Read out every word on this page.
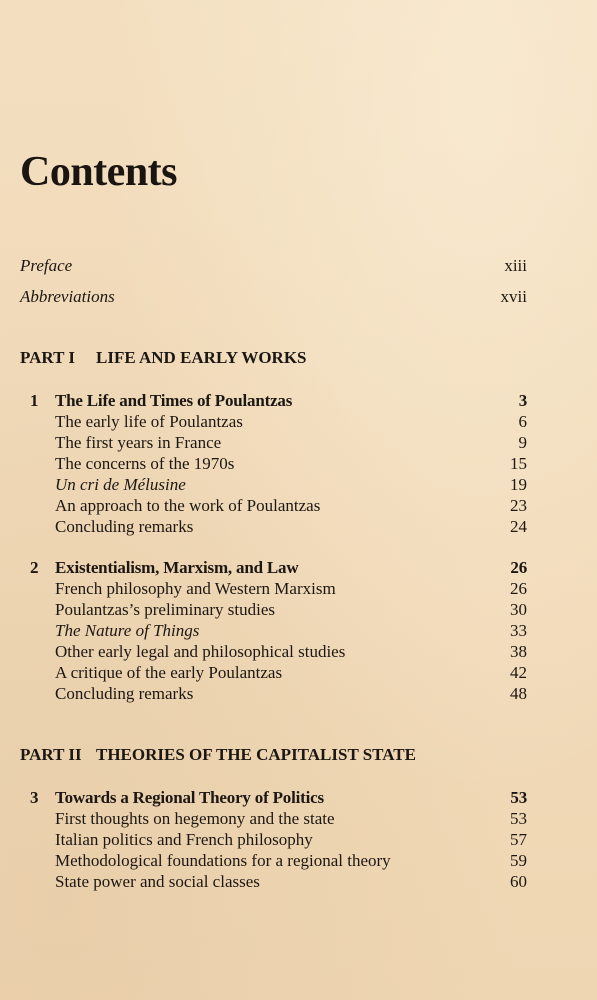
Contents
Preface	xiii
Abbreviations	xvii
PART I LIFE AND EARLY WORKS
1 The Life and Times of Poulantzas	3
The early life of Poulantzas	6
The first years in France	9
The concerns of the 1970s	15
Un cri de Mélusine	19
An approach to the work of Poulantzas	23
Concluding remarks	24
2 Existentialism, Marxism, and Law	26
French philosophy and Western Marxism	26
Poulantzas’s preliminary studies	30
The Nature of Things	33
Other early legal and philosophical studies	38
A critique of the early Poulantzas	42
Concluding remarks	48
PART II THEORIES OF THE CAPITALIST STATE
3 Towards a Regional Theory of Politics	53
First thoughts on hegemony and the state	53
Italian politics and French philosophy	57
Methodological foundations for a regional theory	59
State power and social classes	60
